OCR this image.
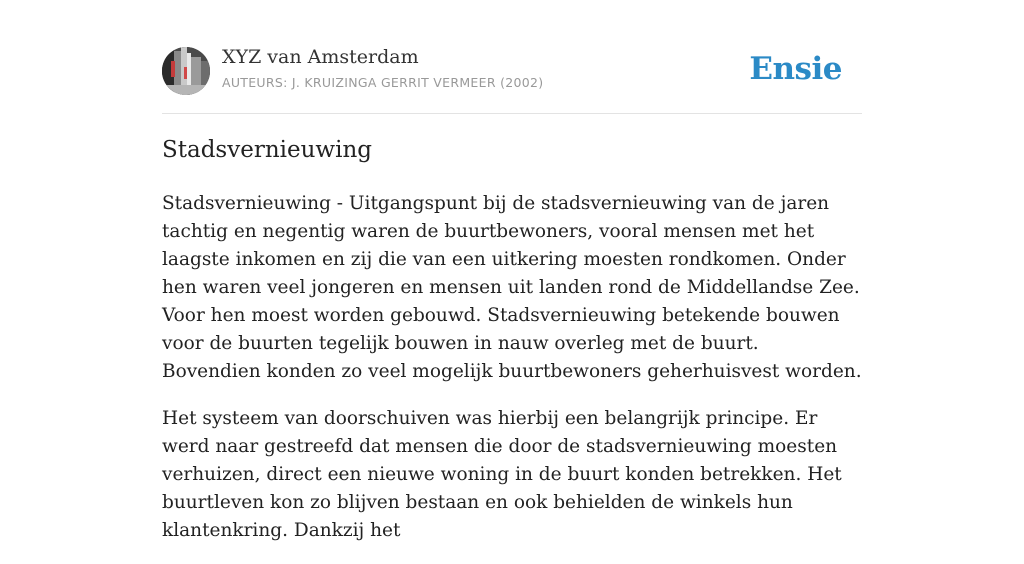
XYZ van Amsterdam
AUTEURS: J. KRUIZINGA GERRIT VERMEER (2002)	Ensie
Stadsvernieuwing

Stadsvernieuwing - Uitgangspunt bij de stadsvernieuwing van de jaren tachtig en negentig waren de buurtbewoners, vooral mensen met het laagste inkomen en zij die van een uitkering moesten rondkomen. Onder hen waren veel jongeren en mensen uit landen rond de Middellandse Zee. Voor hen moest worden gebouwd. Stadsvernieuwing betekende bouwen voor de buurten tegelijk bouwen in nauw overleg met de buurt. Bovendien konden zo veel mogelijk buurtbewoners geherhuisvest worden.

Het systeem van doorschuiven was hierbij een belangrijk principe. Er werd naar gestreefd dat mensen die door de stadsvernieuwing moesten verhuizen, direct een nieuwe woning in de buurt konden betrekken. Het buurtleven kon zo blijven bestaan en ook behielden de winkels hun klantenkring. Dankzij het
